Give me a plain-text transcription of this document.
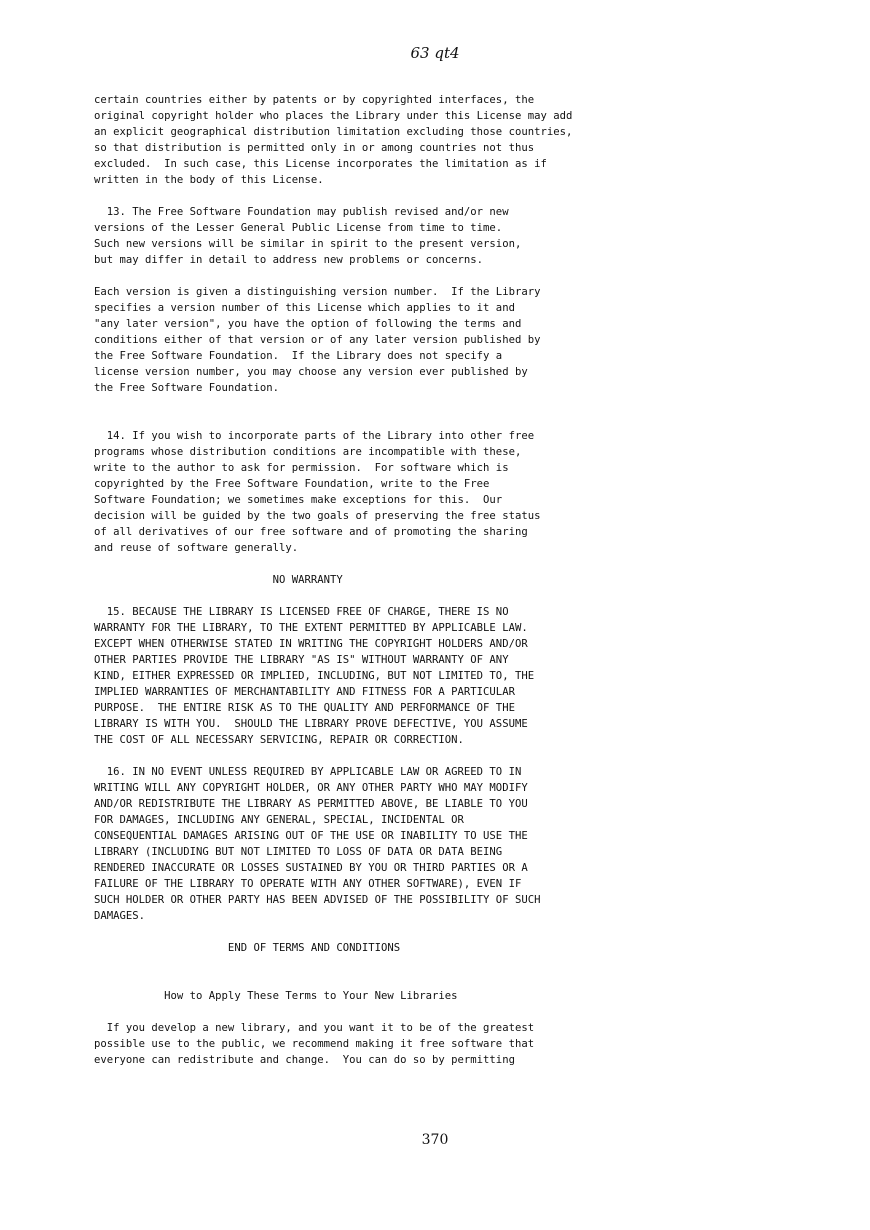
63 qt4
certain countries either by patents or by copyrighted interfaces, the
original copyright holder who places the Library under this License may add
an explicit geographical distribution limitation excluding those countries,
so that distribution is permitted only in or among countries not thus
excluded.  In such case, this License incorporates the limitation as if
written in the body of this License.
13. The Free Software Foundation may publish revised and/or new
versions of the Lesser General Public License from time to time.
Such new versions will be similar in spirit to the present version,
but may differ in detail to address new problems or concerns.
Each version is given a distinguishing version number.  If the Library
specifies a version number of this License which applies to it and
"any later version", you have the option of following the terms and
conditions either of that version or of any later version published by
the Free Software Foundation.  If the Library does not specify a
license version number, you may choose any version ever published by
the Free Software Foundation.
14. If you wish to incorporate parts of the Library into other free
programs whose distribution conditions are incompatible with these,
write to the author to ask for permission.  For software which is
copyrighted by the Free Software Foundation, write to the Free
Software Foundation; we sometimes make exceptions for this.  Our
decision will be guided by the two goals of preserving the free status
of all derivatives of our free software and of promoting the sharing
and reuse of software generally.
NO WARRANTY
15. BECAUSE THE LIBRARY IS LICENSED FREE OF CHARGE, THERE IS NO
WARRANTY FOR THE LIBRARY, TO THE EXTENT PERMITTED BY APPLICABLE LAW.
EXCEPT WHEN OTHERWISE STATED IN WRITING THE COPYRIGHT HOLDERS AND/OR
OTHER PARTIES PROVIDE THE LIBRARY "AS IS" WITHOUT WARRANTY OF ANY
KIND, EITHER EXPRESSED OR IMPLIED, INCLUDING, BUT NOT LIMITED TO, THE
IMPLIED WARRANTIES OF MERCHANTABILITY AND FITNESS FOR A PARTICULAR
PURPOSE.  THE ENTIRE RISK AS TO THE QUALITY AND PERFORMANCE OF THE
LIBRARY IS WITH YOU.  SHOULD THE LIBRARY PROVE DEFECTIVE, YOU ASSUME
THE COST OF ALL NECESSARY SERVICING, REPAIR OR CORRECTION.
16. IN NO EVENT UNLESS REQUIRED BY APPLICABLE LAW OR AGREED TO IN
WRITING WILL ANY COPYRIGHT HOLDER, OR ANY OTHER PARTY WHO MAY MODIFY
AND/OR REDISTRIBUTE THE LIBRARY AS PERMITTED ABOVE, BE LIABLE TO YOU
FOR DAMAGES, INCLUDING ANY GENERAL, SPECIAL, INCIDENTAL OR
CONSEQUENTIAL DAMAGES ARISING OUT OF THE USE OR INABILITY TO USE THE
LIBRARY (INCLUDING BUT NOT LIMITED TO LOSS OF DATA OR DATA BEING
RENDERED INACCURATE OR LOSSES SUSTAINED BY YOU OR THIRD PARTIES OR A
FAILURE OF THE LIBRARY TO OPERATE WITH ANY OTHER SOFTWARE), EVEN IF
SUCH HOLDER OR OTHER PARTY HAS BEEN ADVISED OF THE POSSIBILITY OF SUCH
DAMAGES.
END OF TERMS AND CONDITIONS
How to Apply These Terms to Your New Libraries
If you develop a new library, and you want it to be of the greatest
possible use to the public, we recommend making it free software that
everyone can redistribute and change.  You can do so by permitting
370
